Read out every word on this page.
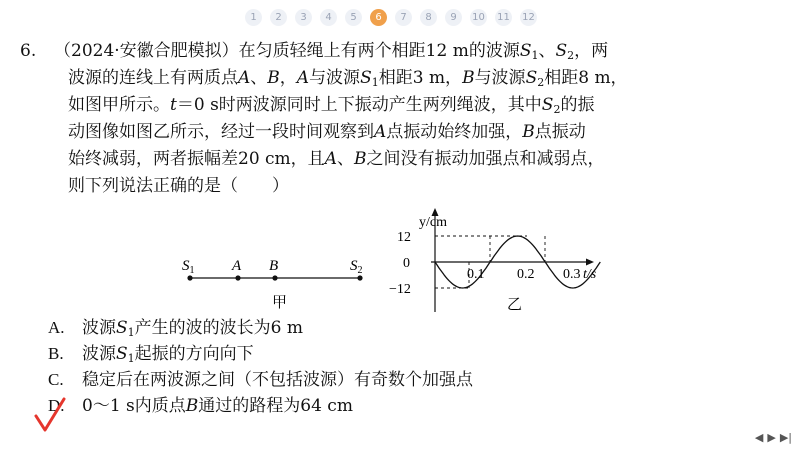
1	2	3	4	5	6	7	8	9	10 11 12
6. （2024·安徽合肥模拟）在匀质轻绳上有两个相距12 m的波源$S_1$、$S_2$，两
波源的连线上有两质点A、B，A与波源$S_1$相距3 m，B与波源$S_2$相距8 m，
如图甲所示。t＝0 s时两波源同时上下振动产生两列绳波，其中$S_2$的振
动图像如图乙所示，经过一段时间观察到A点振动始终加强，B点振动
始终减弱，两者振幅差20 cm，且A、B之间没有振动加强点和减弱点，
则下列说法正确的是（　　）
$S_1$	A B	$S_2$
甲
y/cm
12
0
−12
0.1 0.2 0.3 t/s
乙
A. 波源$S_1$产生的波的波长为6 m
B. 波源$S_1$起振的方向向下
C. 稳定后在两波源之间（不包括波源）有奇数个加强点
D. 0～1 s内质点B通过的路程为64 cm
◀ ▶ ▶|
